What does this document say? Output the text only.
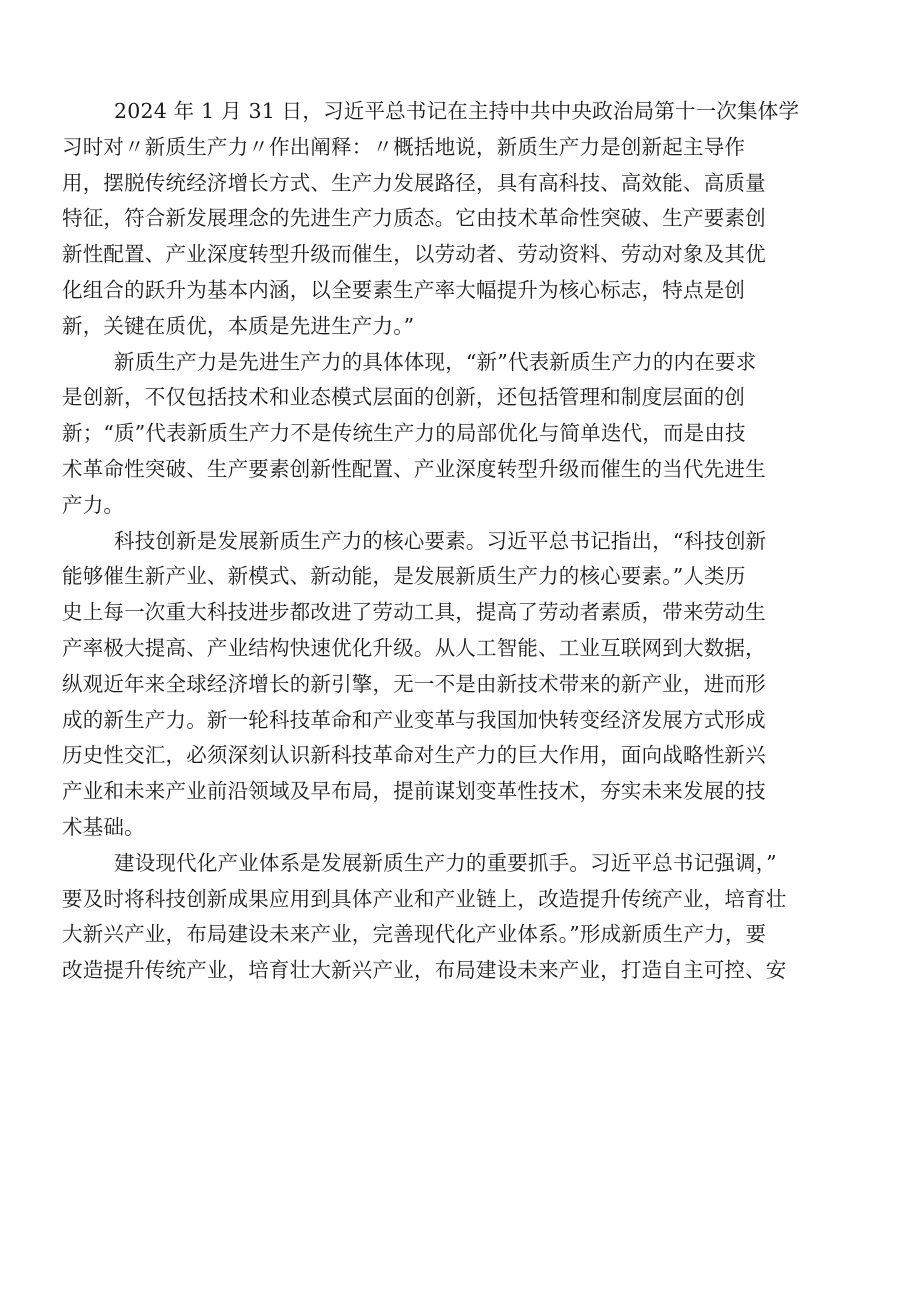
2024 年 1 月 31 日，习近平总书记在主持中共中央政治局第十一次集体学
习时对〃新质生产力〃作出阐释：〃概括地说，新质生产力是创新起主导作
用，摆脱传统经济增长方式、生产力发展路径，具有高科技、高效能、高质量
特征，符合新发展理念的先进生产力质态。它由技术革命性突破、生产要素创
新性配置、产业深度转型升级而催生，以劳动者、劳动资料、劳动对象及其优
化组合的跃升为基本内涵，以全要素生产率大幅提升为核心标志，特点是创
新，关键在质优，本质是先进生产力。”

新质生产力是先进生产力的具体体现，“新”代表新质生产力的内在要求
是创新，不仅包括技术和业态模式层面的创新，还包括管理和制度层面的创
新；“质”代表新质生产力不是传统生产力的局部优化与简单迭代，而是由技
术革命性突破、生产要素创新性配置、产业深度转型升级而催生的当代先进生
产力。

科技创新是发展新质生产力的核心要素。习近平总书记指出，“科技创新
能够催生新产业、新模式、新动能，是发展新质生产力的核心要素。”人类历
史上每一次重大科技进步都改进了劳动工具，提高了劳动者素质，带来劳动生
产率极大提高、产业结构快速优化升级。从人工智能、工业互联网到大数据，
纵观近年来全球经济增长的新引擎，无一不是由新技术带来的新产业，进而形
成的新生产力。新一轮科技革命和产业变革与我国加快转变经济发展方式形成
历史性交汇，必须深刻认识新科技革命对生产力的巨大作用，面向战略性新兴
产业和未来产业前沿领域及早布局，提前谋划变革性技术，夯实未来发展的技
术基础。

建设现代化产业体系是发展新质生产力的重要抓手。习近平总书记强调，”
要及时将科技创新成果应用到具体产业和产业链上，改造提升传统产业，培育壮
大新兴产业，布局建设未来产业，完善现代化产业体系。”形成新质生产力，要
改造提升传统产业，培育壮大新兴产业，布局建设未来产业，打造自主可控、安
